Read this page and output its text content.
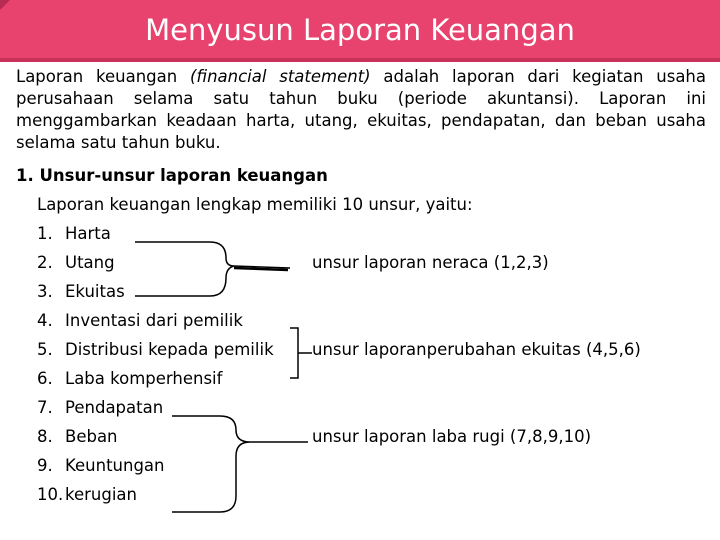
Menyusun Laporan Keuangan

Laporan keuangan (financial statement) adalah laporan dari kegiatan usaha perusahaan selama satu tahun buku (periode akuntansi). Laporan ini menggambarkan keadaan harta, utang, ekuitas, pendapatan, dan beban usaha selama satu tahun buku.

1. Unsur-unsur laporan keuangan
Laporan keuangan lengkap memiliki 10 unsur, yaitu:
1. Harta
2. Utang
3. Ekuitas
4. Inventasi dari pemilik
5. Distribusi kepada pemilik
6. Laba komperhensif
7. Pendapatan
8. Beban
9. Keuntungan
10. kerugian
unsur laporan neraca (1,2,3)
unsur laporanperubahan ekuitas (4,5,6)
unsur laporan laba rugi (7,8,9,10)
